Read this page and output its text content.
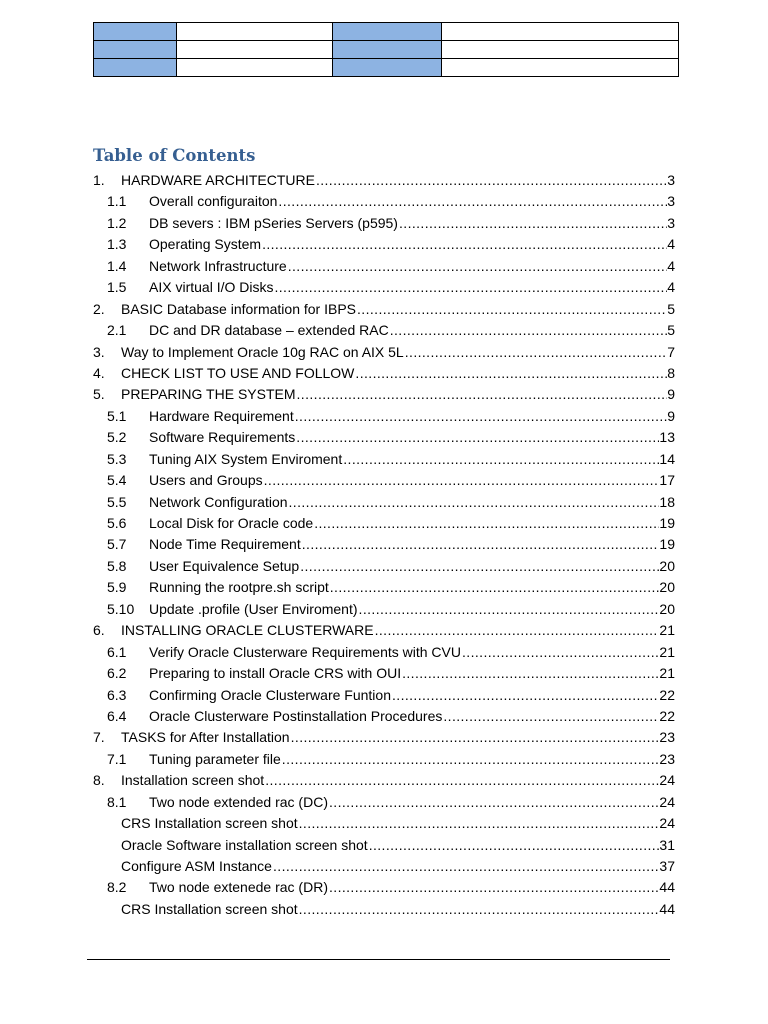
Table of Contents
1.	HARDWARE ARCHITECTURE .....	3
1.1	Overall configuraiton .....	3
1.2	DB severs : IBM pSeries Servers (p595) .....	3
1.3	Operating System .....	4
1.4	Network Infrastructure .....	4
1.5	AIX virtual I/O Disks .....	4
2.	BASIC Database information for IBPS .....	5
2.1	DC and DR database – extended RAC .....	5
3.	Way to Implement Oracle 10g RAC on AIX 5L .....	7
4.	CHECK LIST TO USE AND FOLLOW .....	8
5.	PREPARING THE SYSTEM .....	9
5.1	Hardware Requirement .....	9
5.2	Software Requirements .....	13
5.3	Tuning AIX System Enviroment .....	14
5.4	Users and Groups .....	17
5.5	Network Configuration .....	18
5.6	Local Disk for Oracle code .....	19
5.7	Node Time Requirement .....	19
5.8	User Equivalence Setup .....	20
5.9	Running the rootpre.sh script .....	20
5.10	Update .profile (User Enviroment) .....	20
6.	INSTALLING ORACLE CLUSTERWARE .....	21
6.1	Verify Oracle Clusterware Requirements with CVU .....	21
6.2	Preparing to install Oracle CRS with OUI .....	21
6.3	Confirming Oracle Clusterware Funtion .....	22
6.4	Oracle Clusterware Postinstallation Procedures .....	22
7.	TASKS for After Installation .....	23
7.1	Tuning parameter file .....	23
8.	Installation screen shot .....	24
8.1	Two node extended rac (DC) .....	24
CRS Installation screen shot .....	24
Oracle Software installation screen shot .....	31
Configure ASM Instance .....	37
8.2	Two node extenede rac (DR) .....	44
CRS Installation screen shot .....	44
